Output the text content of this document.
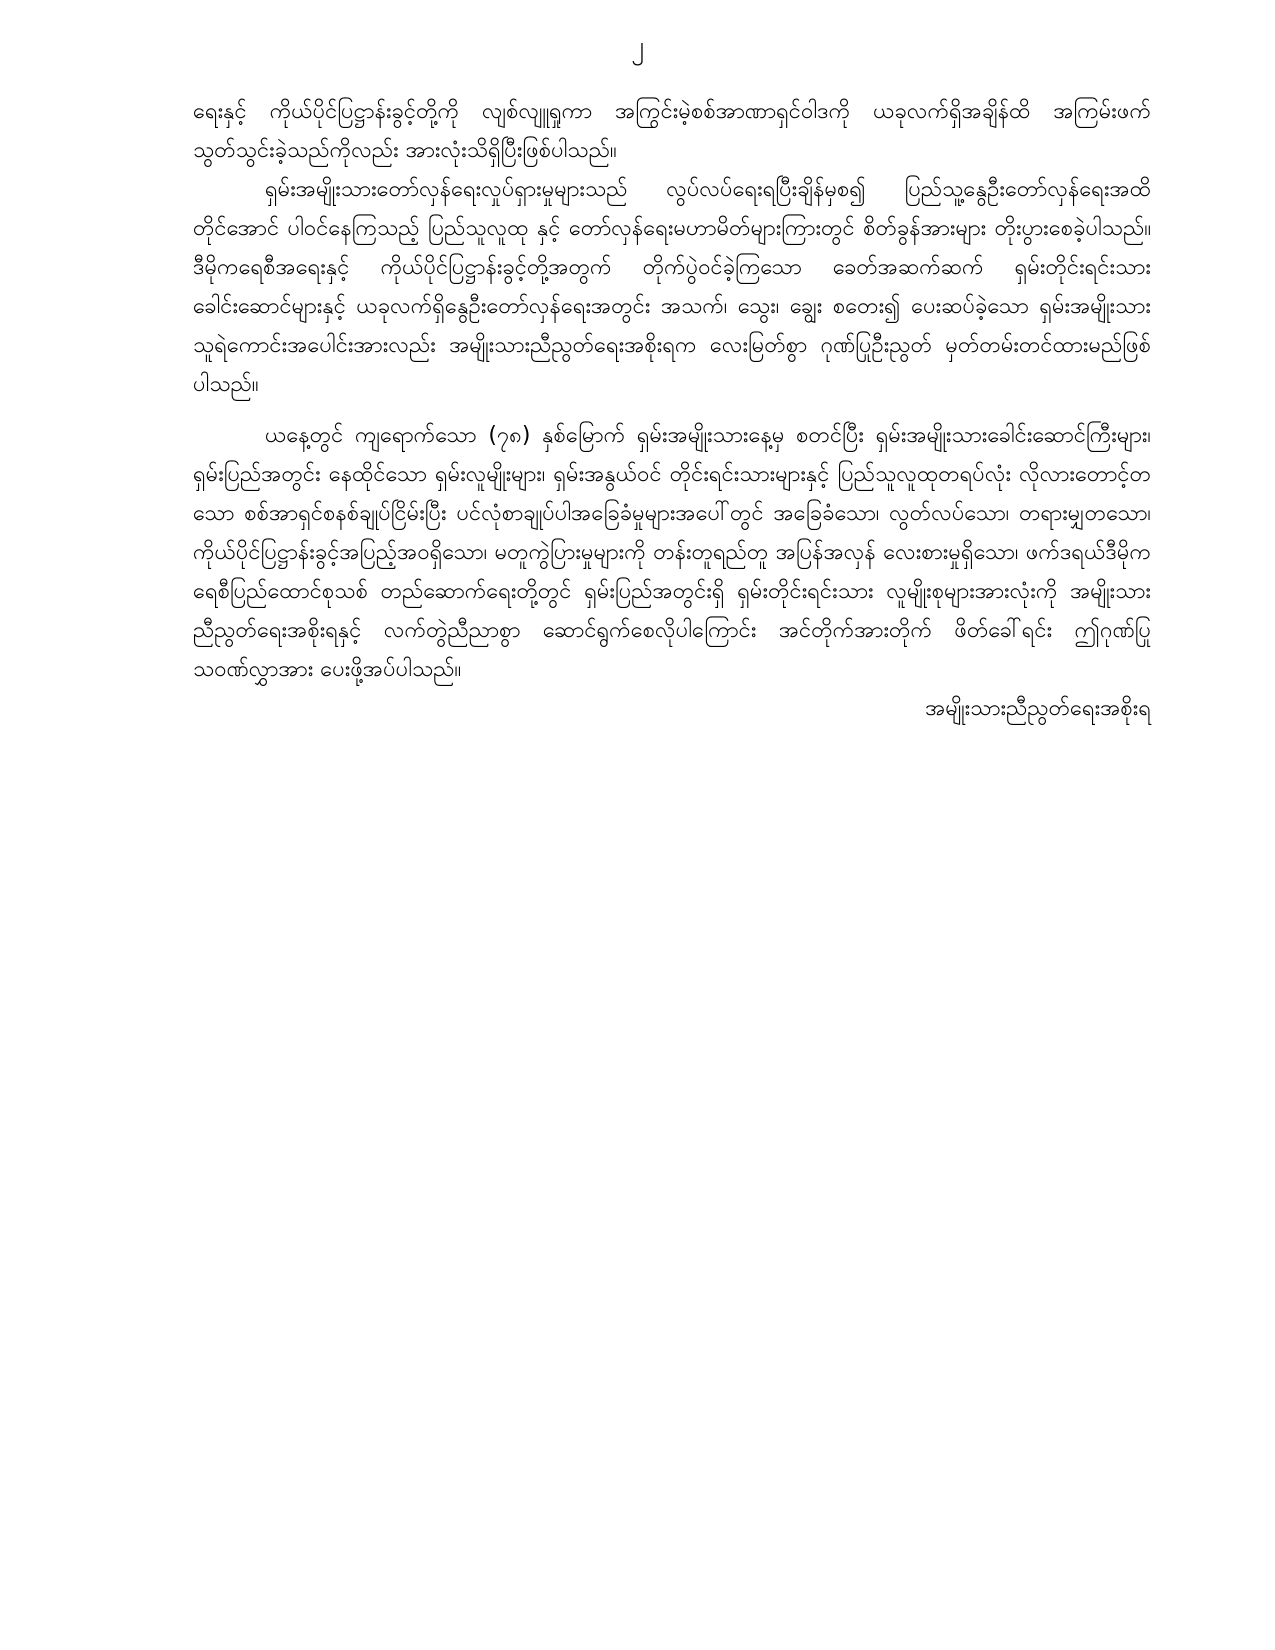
၂

ရေးနှင့် ကိုယ်ပိုင်ပြဋ္ဌာန်းခွင့်တို့ကို လျစ်လျူရှုကာ အကြွင်းမဲ့စစ်အာဏာရှင်ဝါဒကို ယခုလက်ရှိအချိန်ထိ အကြမ်းဖက် သွတ်သွင်းခဲ့သည်ကိုလည်း အားလုံးသိရှိပြီးဖြစ်ပါသည်။

ရှမ်းအမျိုးသားတော်လှန်ရေးလှုပ်ရှားမှုများသည် လွပ်လပ်ရေးရပြီးချိန်မှစ၍ ပြည်သူ့နွေဦးတော်လှန်ရေးအထိတိုင်အောင် ပါဝင်နေကြသည့် ပြည်သူလူထု နှင့် တော်လှန်ရေးမဟာမိတ်များကြားတွင် စိတ်ခွန်အားများ တိုးပွားစေခဲ့ပါသည်။ ဒီမိုကရေစီအရေးနှင့် ကိုယ်ပိုင်ပြဋ္ဌာန်းခွင့်တို့အတွက် တိုက်ပွဲဝင်ခဲ့ကြသော ခေတ်အဆက်ဆက် ရှမ်းတိုင်းရင်းသားခေါင်းဆောင်များနှင့် ယခုလက်ရှိနွေဦးတော်လှန်ရေးအတွင်း အသက်၊ သွေး၊ ချွေး စတေး၍ ပေးဆပ်ခဲ့သော ရှမ်းအမျိုးသားသူရဲကောင်းအပေါင်းအားလည်း အမျိုးသားညီညွတ်ရေးအစိုးရက လေးမြတ်စွာ ဂုဏ်ပြုဦးညွတ် မှတ်တမ်းတင်ထားမည်ဖြစ်ပါသည်။

ယနေ့တွင် ကျရောက်သော (၇၈) နှစ်မြောက် ရှမ်းအမျိုးသားနေ့မှ စတင်ပြီး ရှမ်းအမျိုးသားခေါင်းဆောင်ကြီးများ၊ ရှမ်းပြည်အတွင်း နေထိုင်သော ရှမ်းလူမျိုးများ၊ ရှမ်းအနွယ်ဝင် တိုင်းရင်းသားများနှင့် ပြည်သူလူထုတရပ်လုံး လိုလားတောင့်တသော စစ်အာရှင်စနစ်ချုပ်ငြိမ်းပြီး ပင်လုံစာချုပ်ပါအခြေခံမှုများအပေါ်တွင် အခြေခံသော၊ လွတ်လပ်သော၊ တရားမျှတသော၊ ကိုယ်ပိုင်ပြဋ္ဌာန်းခွင့်အပြည့်အဝရှိသော၊ မတူကွဲပြားမှုများကို တန်းတူရည်တူ အပြန်အလှန် လေးစားမှုရှိသော၊ ဖက်ဒရယ်ဒီမိုကရေစီပြည်ထောင်စုသစ် တည်ဆောက်ရေးတို့တွင် ရှမ်းပြည်အတွင်းရှိ ရှမ်းတိုင်းရင်းသား လူမျိုးစုများအားလုံးကို အမျိုးသားညီညွတ်ရေးအစိုးရနှင့် လက်တွဲညီညာစွာ ဆောင်ရွက်စေလိုပါကြောင်း အင်တိုက်အားတိုက် ဖိတ်ခေါ်ရင်း ဤဂုဏ်ပြုသဝဏ်လွှာအား ပေးဖို့အပ်ပါသည်။

အမျိုးသားညီညွတ်ရေးအစိုးရ
